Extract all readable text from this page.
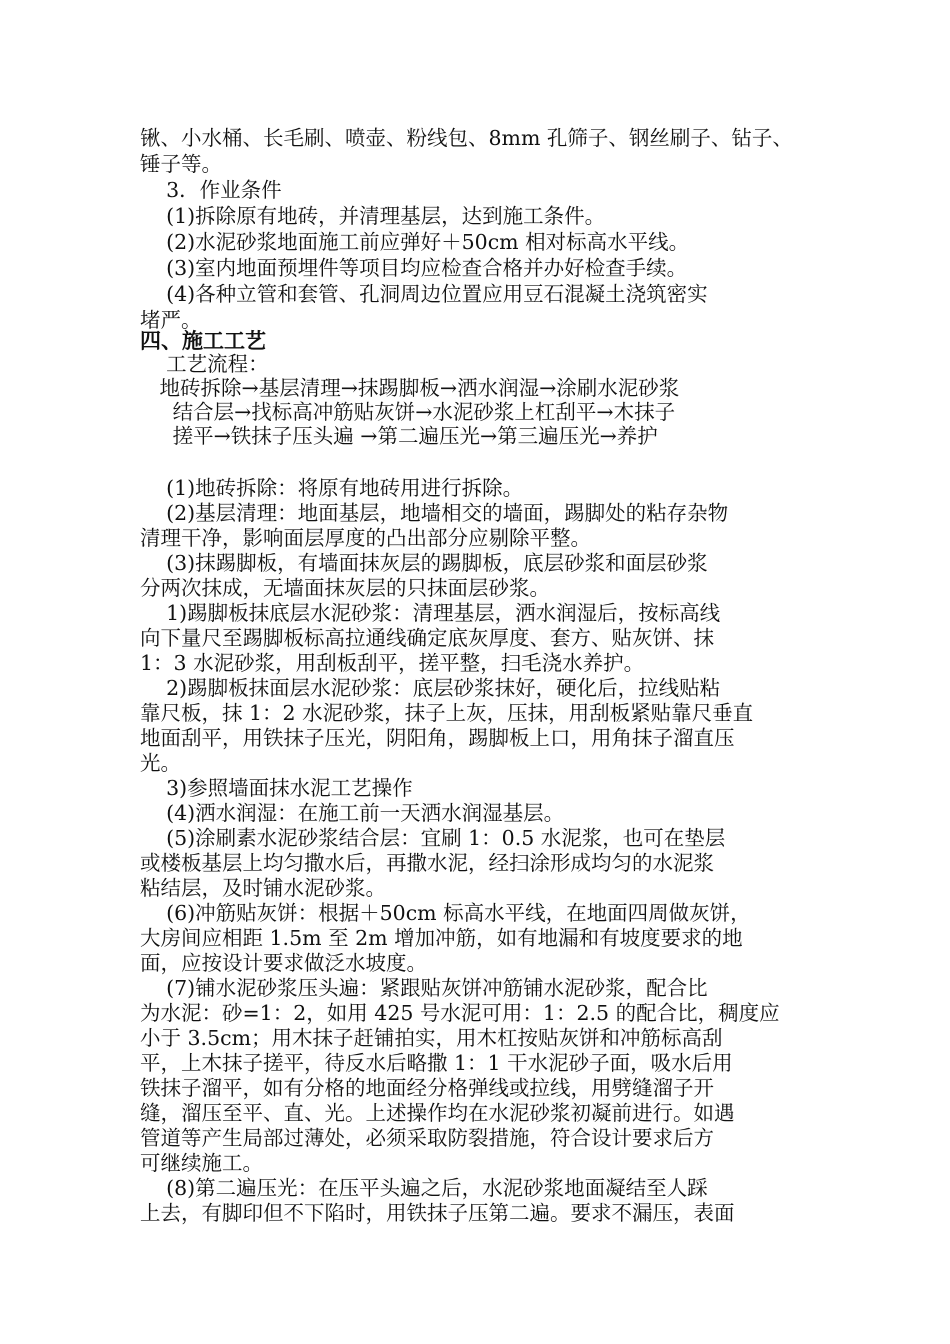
锹、小水桶、长毛刷、喷壶、粉线包、8mm 孔筛子、钢丝刷子、钻子、
锤子等。
3．作业条件
(1)拆除原有地砖，并清理基层，达到施工条件。
(2)水泥砂浆地面施工前应弹好＋50cm 相对标高水平线。
(3)室内地面预埋件等项目均应检查合格并办好检查手续。
(4)各种立管和套管、孔洞周边位置应用豆石混凝土浇筑密实
堵严。
四、施工工艺
工艺流程：
地砖拆除→基层清理→抹踢脚板→洒水润湿→涂刷水泥砂浆
结合层→找标高冲筋贴灰饼→水泥砂浆上杠刮平→木抹子
搓平→铁抹子压头遍 →第二遍压光→第三遍压光→养护
(1)地砖拆除：将原有地砖用进行拆除。
(2)基层清理：地面基层，地墙相交的墙面，踢脚处的粘存杂物
清理干净，影响面层厚度的凸出部分应剔除平整。
(3)抹踢脚板，有墙面抹灰层的踢脚板，底层砂浆和面层砂浆
分两次抹成，无墙面抹灰层的只抹面层砂浆。
1)踢脚板抹底层水泥砂浆：清理基层，洒水润湿后，按标高线
向下量尺至踢脚板标高拉通线确定底灰厚度、套方、贴灰饼、抹
1：3 水泥砂浆，用刮板刮平，搓平整，扫毛浇水养护。
2)踢脚板抹面层水泥砂浆：底层砂浆抹好，硬化后，拉线贴粘
靠尺板，抹 1：2 水泥砂浆，抹子上灰，压抹，用刮板紧贴靠尺垂直
地面刮平，用铁抹子压光，阴阳角，踢脚板上口，用角抹子溜直压
光。
3)参照墙面抹水泥工艺操作
(4)洒水润湿：在施工前一天洒水润湿基层。
(5)涂刷素水泥砂浆结合层：宜刷 1：0.5 水泥浆，也可在垫层
或楼板基层上均匀撒水后，再撒水泥，经扫涂形成均匀的水泥浆
粘结层，及时铺水泥砂浆。
(6)冲筋贴灰饼：根据＋50cm 标高水平线，在地面四周做灰饼，
大房间应相距 1.5m 至 2m 增加冲筋，如有地漏和有坡度要求的地
面，应按设计要求做泛水坡度。
(7)铺水泥砂浆压头遍：紧跟贴灰饼冲筋铺水泥砂浆，配合比
为水泥：砂=1：2，如用 425 号水泥可用：1：2.5 的配合比，稠度应
小于 3.5cm；用木抹子赶铺拍实，用木杠按贴灰饼和冲筋标高刮
平，上木抹子搓平，待反水后略撒 1：1 干水泥砂子面，吸水后用
铁抹子溜平，如有分格的地面经分格弹线或拉线，用劈缝溜子开
缝，溜压至平、直、光。上述操作均在水泥砂浆初凝前进行。如遇
管道等产生局部过薄处，必须采取防裂措施，符合设计要求后方
可继续施工。
(8)第二遍压光：在压平头遍之后，水泥砂浆地面凝结至人踩
上去，有脚印但不下陷时，用铁抹子压第二遍。要求不漏压，表面
